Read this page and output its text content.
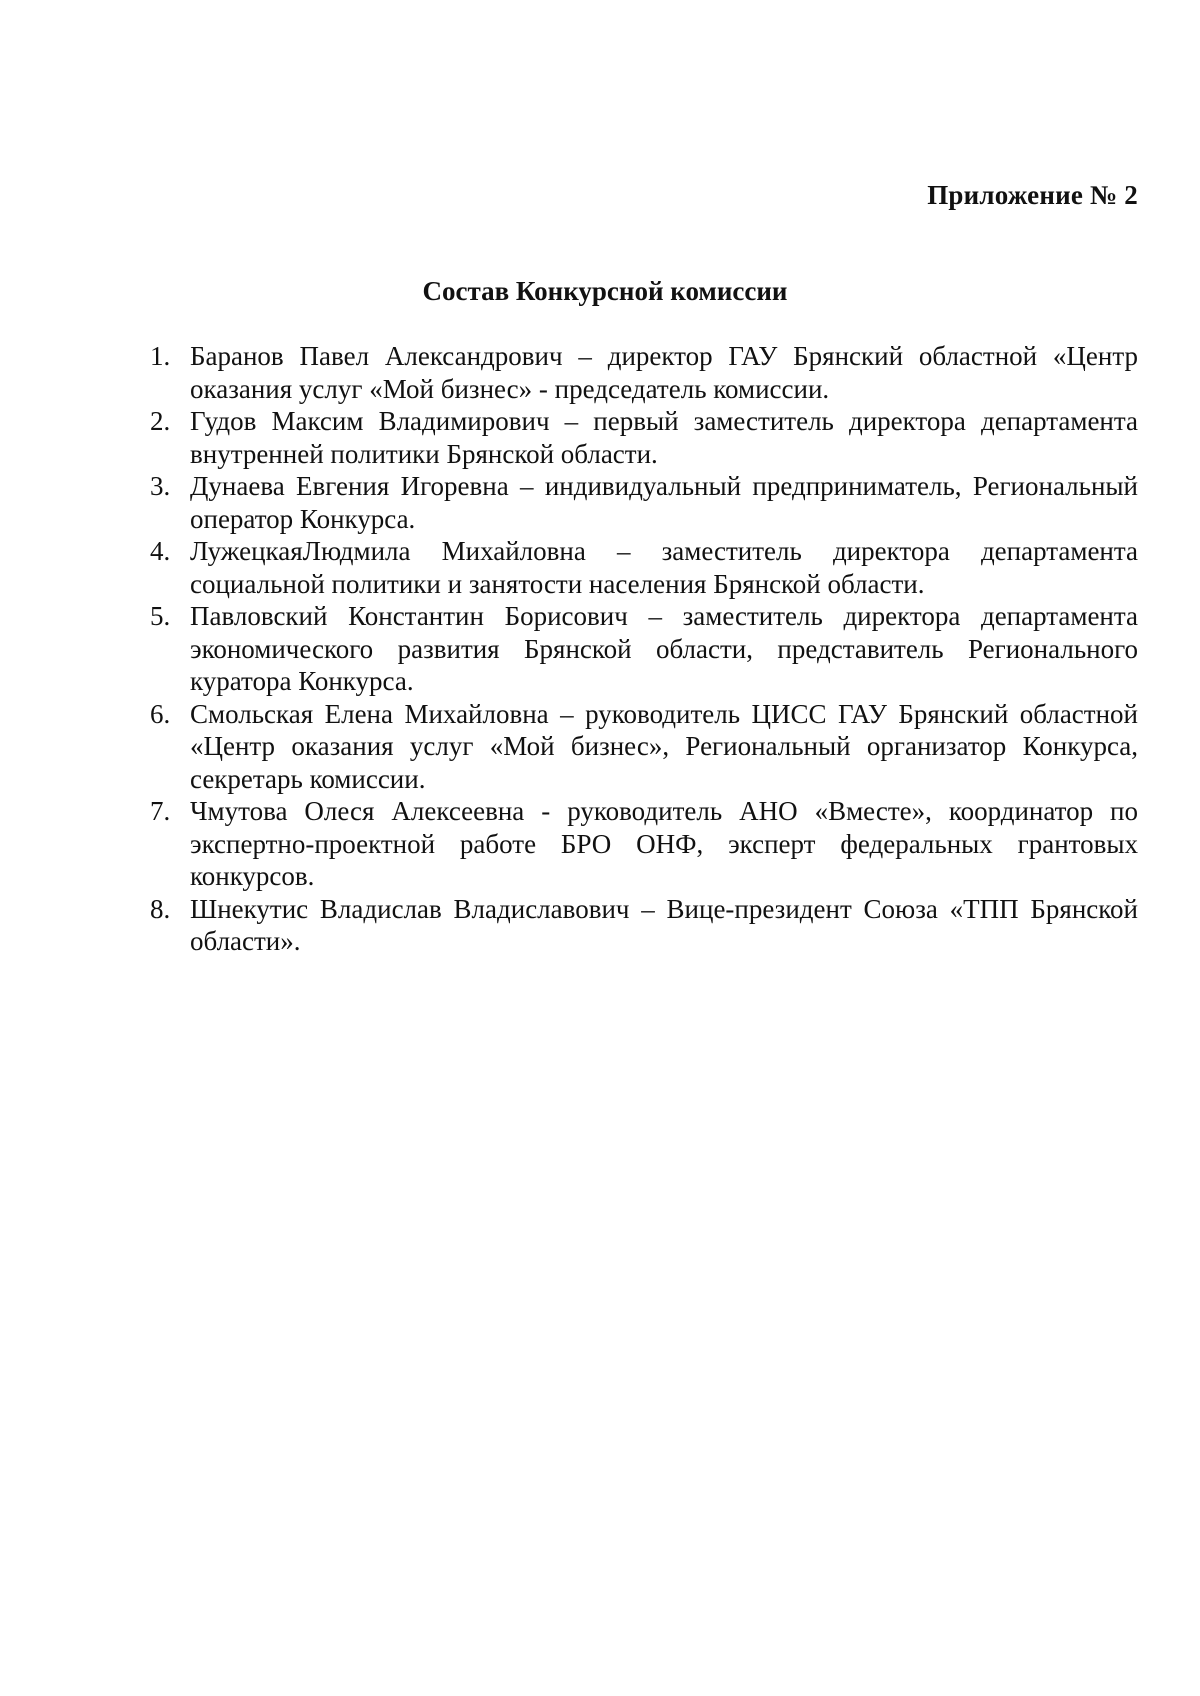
Приложение № 2
Состав Конкурсной комиссии
1. Баранов Павел Александрович – директор ГАУ Брянский областной «Центр оказания услуг «Мой бизнес» - председатель комиссии.
2. Гудов Максим Владимирович – первый заместитель директора департамента внутренней политики Брянской области.
3. Дунаева Евгения Игоревна – индивидуальный предприниматель, Региональный оператор Конкурса.
4. ЛужецкаяЛюдмила Михайловна – заместитель директора департамента социальной политики и занятости населения Брянской области.
5. Павловский Константин Борисович – заместитель директора департамента экономического развития Брянской области, представитель Регионального куратора Конкурса.
6. Смольская Елена Михайловна – руководитель ЦИСС ГАУ Брянский областной «Центр оказания услуг «Мой бизнес», Региональный организатор Конкурса, секретарь комиссии.
7. Чмутова Олеся Алексеевна - руководитель АНО «Вместе», координатор по экспертно-проектной работе БРО ОНФ, эксперт федеральных грантовых конкурсов.
8. Шнекутис Владислав Владиславович – Вице-президент Союза «ТПП Брянской области».
